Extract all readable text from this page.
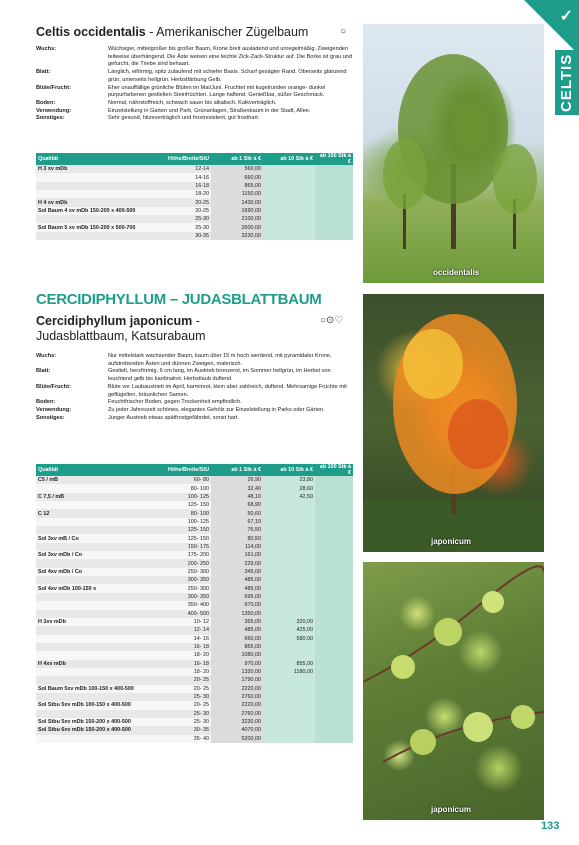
✓
CELTIS
occidentalis
japonicum
japonicum
Celtis occidentalis - Amerikanischer Zügelbaum	○
Wuchs:	Wüchsiger, mittelgroßer bis großer Baum, Krone breit ausladend und unregelmäßig. Zweigenden teilweise überhängend. Die Äste weisen eine leichte Zick-Zack-Struktur auf. Die Borke ist grau und gefurcht, die Triebe sind behaart.
Blatt:	Länglich, eiförmig, spitz zulaufend mit schiefer Basis. Scharf gesägter Rand. Oberseits glänzend grün, unterseits hellgrün. Herbstfärbung Gelb.
Blüte/Frucht:	Eher unauffällige grünliche Blüten im Mai/Juni. Fruchtet mit kugelrunden orange- dunkel purpurfarbenen gestielten Steinfrüchten. Lange haftend. Genießbar, süßer Geschmack.
Boden:	Normal, nährstoffreich, schwach sauer bis alkalisch. Kalkverträglich.
Verwendung:	Einzelstellung in Garten und Park, Grünanlagen, Straßenbaum in der Stadt, Allee.
Sonstiges:	Sehr gesund, hitzeverträglich und frostresistent, gut frosthart.
Qualität	Höhe/Breite/StU	ab 1 Stk à €	ab 10 Stk à €	ab 100 Stk à €
H 3 xv mDb	12-14	560,00		
	14-16	660,00		
	16-18	865,00		
	18-20	1150,00		
H 4 xv mDb	20-25	1430,00		
Sol Baum 4 xv mDb 150-200 x 400-500	20-25	1690,00		
	25-30	2100,00		
Sol Baum 5 xv mDb 150-200 x 500-700	25-30	2600,00		
	30-35	3230,00		
CERCIDIPHYLLUM – JUDASBLATTBAUM
Cercidiphyllum japonicum -
Judasblattbaum, Katsurabaum
○⊙♡
Wuchs:	Nur mittelstark wachsender Baum, kaum über 15 m hoch werdend, mit pyramidaler Krone, aufstrebenden Ästen und dünnen Zweigen, malerisch.
Blatt:	Gestielt, herzförmig, 6 cm lang, im Austrieb bronzerot, im Sommer hellgrün, im Herbst von leuchtend gelb bis kardinalrot. Herbstlaub duftend.
Blüte/Frucht:	Blüte vor Laubaustrieb im April, karminrot, klein aber zahlreich, duftend. Mehrsamige Früchte mit geflügelten, bräunlichen Samen.
Boden:	Feuchtfrischer Boden, gegen Trockenheit empfindlich.
Verwendung:	Zu jeder Jahreszeit schönes, elegantes Gehölz zur Einzelstellung in Parks oder Gärten.
Sonstiges:	Junger Austrieb etwas spätfrostgefährdet, sonst hart.
Qualität	Höhe/Breite/StU	ab 1 Stk à €	ab 10 Stk à €	ab 100 Stk à €
C5 / mB	60- 80	26,90	23,80	
	80- 100	32,40	28,60	
C 7,5 / mB	100- 125	48,10	42,50	
	125- 150	68,90		
C 12	80- 100	50,60		
	100- 125	67,10		
	125- 150	76,50		
Sol 3xv mB / Co	125- 150	80,50		
	150- 175	114,00		
Sol 3xv mDb / Co	175- 200	161,00		
	200- 250	229,00		
Sol 4xv mDb / Co	250- 300	345,00		
	300- 350	485,00		
Sol 4xv mDb 100-150 x	250- 300	485,00		
	300- 350	695,00		
	350- 400	970,00		
	400- 500	1350,00		
H 3xv mDb	10- 12	365,00	320,00	
	12- 14	485,00	425,00	
	14- 16	660,00	580,00	
	16- 18	865,00		
	18- 20	1080,00		
H 4xv mDb	16- 18	970,00	855,00	
	18- 20	1320,00	1180,00	
	20- 25	1790,00		
Sol Baum 5xv mDb 100-150 x 400-500	20- 25	2220,00		
	25- 30	2760,00		
Sol Stbu 5xv mDb 100-150 x 400-500	20- 25	2220,00		
	25- 30	2760,00		
Sol Stbu 5xv mDb 150-200 x 400-500	25- 30	3230,00		
Sol Stbu 6xv mDb 150-200 x 400-500	30- 35	4070,00		
	35- 40	5200,00		
133
